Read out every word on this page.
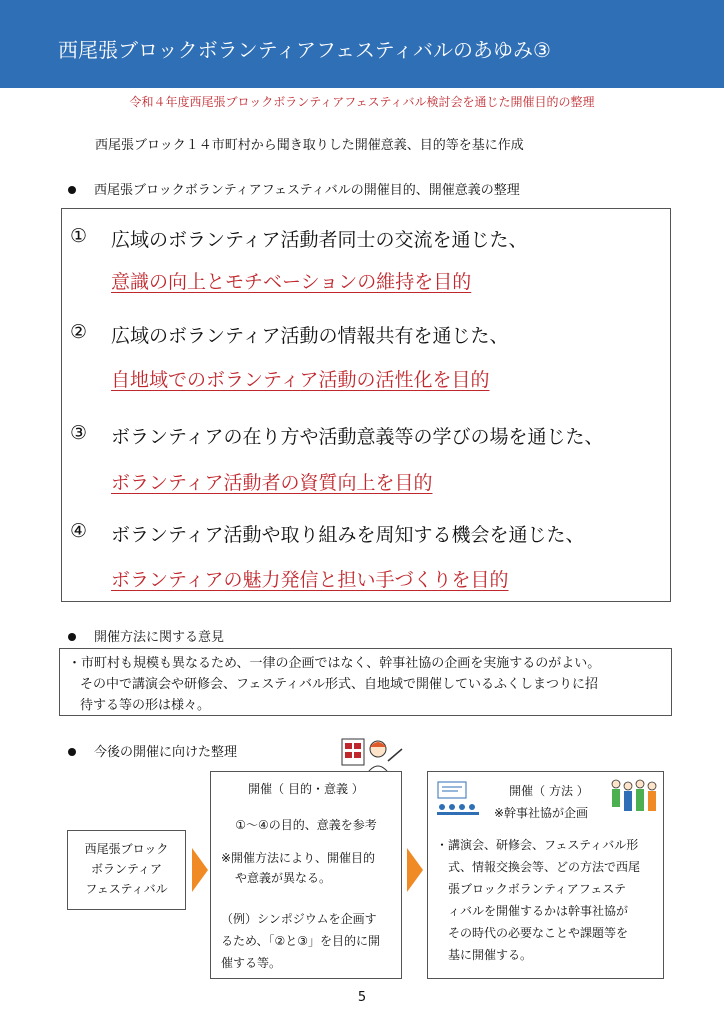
西尾張ブロックボランティアフェスティバルのあゆみ③
令和４年度西尾張ブロックボランティアフェスティバル検討会を通じた開催目的の整理
西尾張ブロック１４市町村から聞き取りした開催意義、目的等を基に作成
西尾張ブロックボランティアフェスティバルの開催目的、開催意義の整理
① 広域のボランティア活動者同士の交流を通じた、
意識の向上とモチベーションの維持を目的
② 広域のボランティア活動の情報共有を通じた、
自地域でのボランティア活動の活性化を目的
③ ボランティアの在り方や活動意義等の学びの場を通じた、
ボランティア活動者の資質向上を目的
④ ボランティア活動や取り組みを周知する機会を通じた、
ボランティアの魅力発信と担い手づくりを目的
開催方法に関する意見
・市町村も規模も異なるため、一律の企画ではなく、幹事社協の企画を実施するのがよい。
その中で講演会や研修会、フェスティバル形式、自地域で開催しているふくしまつりに招
待する等の形は様々。
今後の開催に向けた整理
西尾張ブロック
ボランティア
フェスティバル
開催（ 目的・意義 ）
①～④の目的、意義を参考
※開催方法により、開催目的
や意義が異なる。
（例）シンポジウムを企画す
るため、「②と③」を目的に開
催する等。
開催（ 方法 ）
※幹事社協が企画
・講演会、研修会、フェスティバル形
式、情報交換会等、どの方法で西尾
張ブロックボランティアフェステ
ィバルを開催するかは幹事社協が
その時代の必要なことや課題等を
基に開催する。
5
